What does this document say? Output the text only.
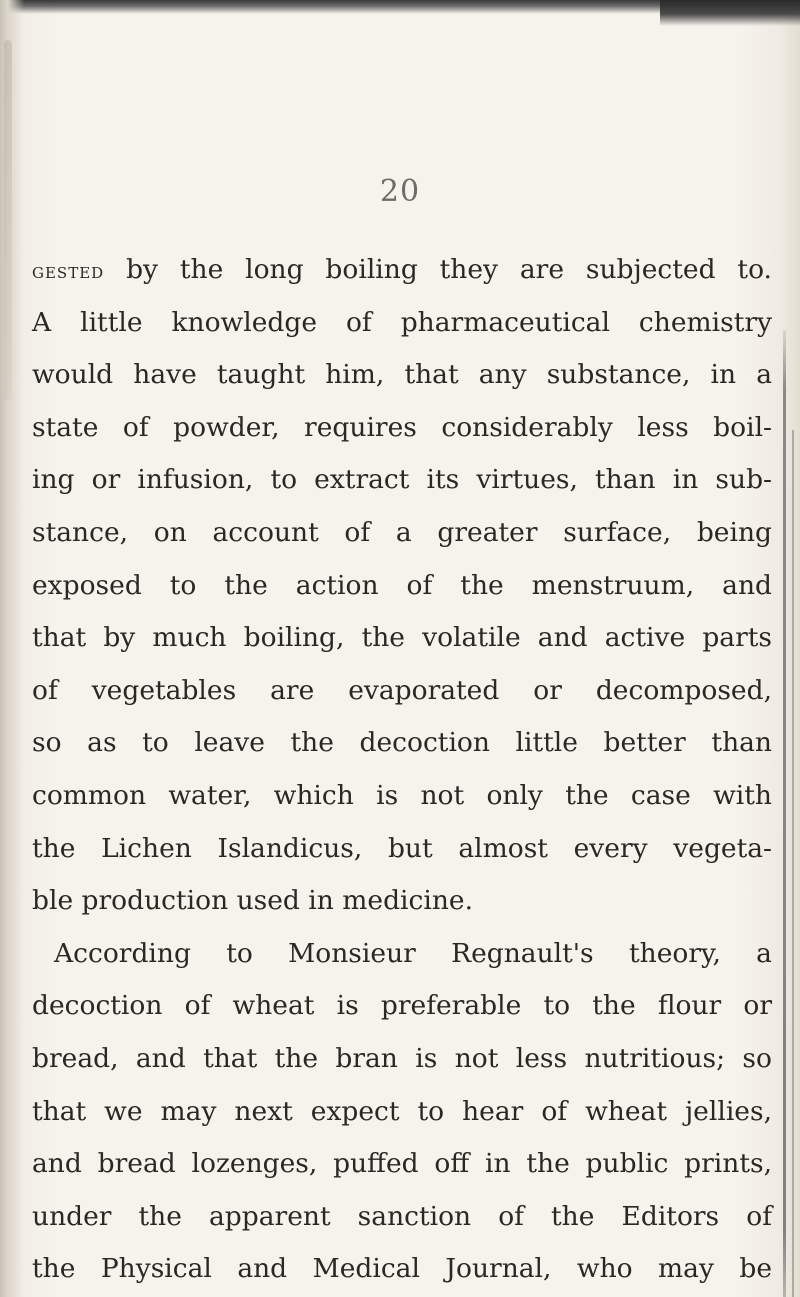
20
gested by the long boiling they are subjected to.
A little knowledge of pharmaceutical chemistry
would have taught him, that any substance, in a
state of powder, requires considerably less boil-
ing or infusion, to extract its virtues, than in sub-
stance, on account of a greater surface, being
exposed to the action of the menstruum, and
that by much boiling, the volatile and active parts
of vegetables are evaporated or decomposed,
so as to leave the decoction little better than
common water, which is not only the case with
the Lichen Islandicus, but almost every vegeta-
ble production used in medicine.
According to Monsieur Regnault's theory, a
decoction of wheat is preferable to the flour or
bread, and that the bran is not less nutritious; so
that we may next expect to hear of wheat jellies,
and bread lozenges, puffed off in the public prints,
under the apparent sanction of the Editors of
the Physical and Medical Journal, who may be
